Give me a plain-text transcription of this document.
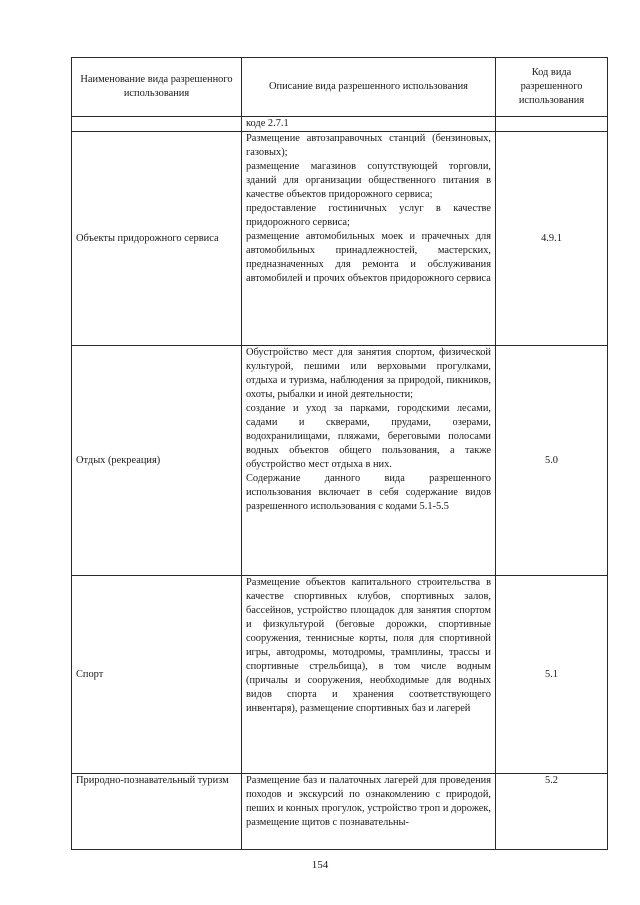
Наименование вида разрешенного использования	Описание вида разрешенного использования	Код вида разрешенного использования
	коде 2.7.1	

Объекты придорожного сервиса	Размещение автозаправочных станций (бензиновых, газовых);

размещение магазинов сопутствующей торговли, зданий для организации общественного питания в качестве объектов придорожного сервиса;

предоставление гостиничных услуг в качестве придорожного сервиса;

размещение автомобильных моек и прачечных для автомобильных принадлежностей, мастерских, предназначенных для ремонта и обслуживания автомобилей и прочих объектов придорожного сервиса	4.9.1

Отдых (рекреация)	Обустройство мест для занятия спортом, физической культурой, пешими или верховыми прогулками, отдыха и туризма, наблюдения за природой, пикников, охоты, рыбалки и иной деятельности;

создание и уход за парками, городскими лесами, садами и скверами, прудами, озерами, водохранилищами, пляжами, береговыми полосами водных объектов общего пользования, а также обустройство мест отдыха в них.

Содержание данного вида разрешенного использования включает в себя содержание видов разрешенного использования с кодами 5.1-5.5	5.0

Спорт	Размещение объектов капитального строительства в качестве спортивных клубов, спортивных залов, бассейнов, устройство площадок для занятия спортом и физкультурой (беговые дорожки, спортивные сооружения, теннисные корты, поля для спортивной игры, автодромы, мотодромы, трамплины, трассы и спортивные стрельбища), в том числе водным (причалы и сооружения, необходимые для водных видов спорта и хранения соответствующего инвентаря), размещение спортивных баз и лагерей	5.1

Природно-познавательный туризм	Размещение баз и палаточных лагерей для проведения походов и экскурсий по ознакомлению с природой, пеших и конных прогулок, устройство троп и дорожек, размещение щитов с познавательны-	5.2
154
